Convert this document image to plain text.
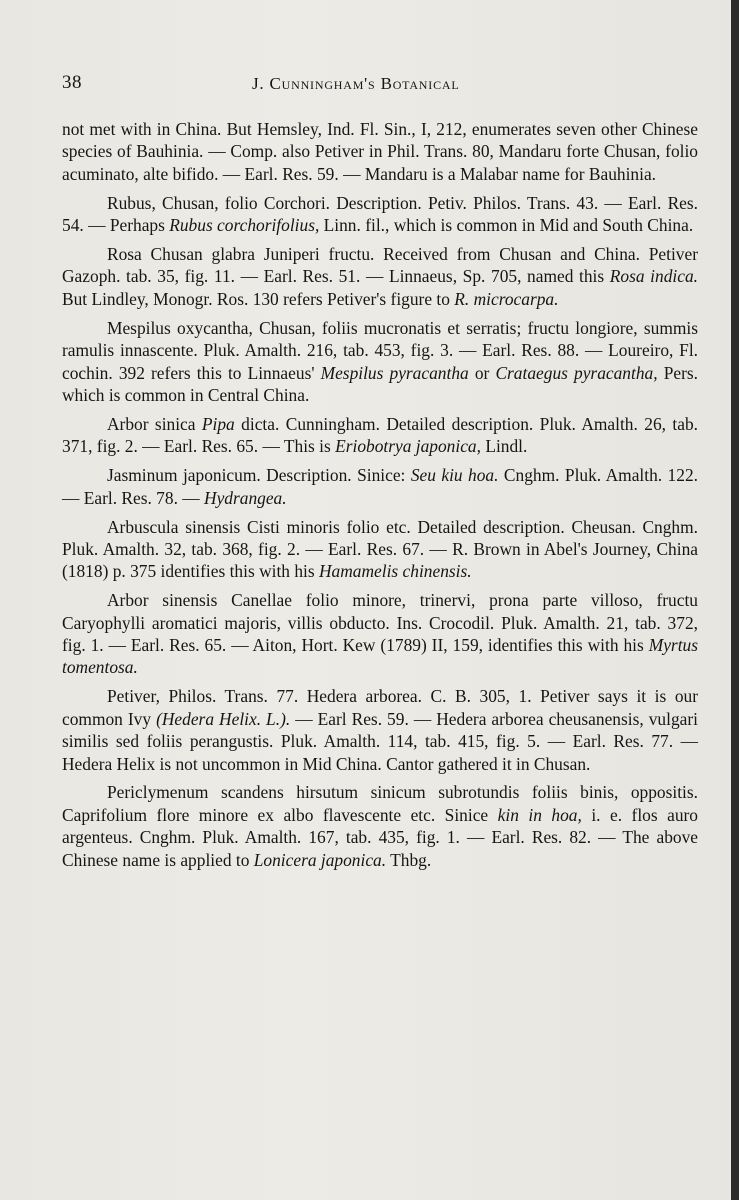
38	J. Cunningham's Botanical

not met with in China. But Hemsley, Ind. Fl. Sin., I, 212, enumerates seven other Chinese species of Bauhinia. — Comp. also Petiver in Phil. Trans. 80, Mandaru forte Chusan, folio acuminato, alte bifido. — Earl. Res. 59. — Mandaru is a Malabar name for Bauhinia.

Rubus, Chusan, folio Corchori. Description. Petiv. Philos. Trans. 43. — Earl. Res. 54. — Perhaps Rubus corchorifolius, Linn. fil., which is common in Mid and South China.

Rosa Chusan glabra Juniperi fructu. Received from Chusan and China. Petiver Gazoph. tab. 35, fig. 11. — Earl. Res. 51. — Linnaeus, Sp. 705, named this Rosa indica. But Lindley, Monogr. Ros. 130 refers Petiver's figure to R. microcarpa.

Mespilus oxycantha, Chusan, foliis mucronatis et serratis; fructu longiore, summis ramulis innascente. Pluk. Amalth. 216, tab. 453, fig. 3. — Earl. Res. 88. — Loureiro, Fl. cochin. 392 refers this to Linnaeus' Mespilus pyracantha or Crataegus pyracantha, Pers. which is common in Central China.

Arbor sinica Pipa dicta. Cunningham. Detailed description. Pluk. Amalth. 26, tab. 371, fig. 2. — Earl. Res. 65. — This is Eriobotrya japonica, Lindl.

Jasminum japonicum. Description. Sinice: Seu kiu hoa. Cnghm. Pluk. Amalth. 122. — Earl. Res. 78. — Hydrangea.

Arbuscula sinensis Cisti minoris folio etc. Detailed description. Cheusan. Cnghm. Pluk. Amalth. 32, tab. 368, fig. 2. — Earl. Res. 67. — R. Brown in Abel's Journey, China (1818) p. 375 identifies this with his Hamamelis chinensis.

Arbor sinensis Canellae folio minore, trinervi, prona parte villoso, fructu Caryophylli aromatici majoris, villis obducto. Ins. Crocodil. Pluk. Amalth. 21, tab. 372, fig. 1. — Earl. Res. 65. — Aiton, Hort. Kew (1789) II, 159, identifies this with his Myrtus tomentosa.

Petiver, Philos. Trans. 77. Hedera arborea. C. B. 305, 1. Petiver says it is our common Ivy (Hedera Helix. L.). — Earl Res. 59. — Hedera arborea cheusanensis, vulgari similis sed foliis perangustis. Pluk. Amalth. 114, tab. 415, fig. 5. — Earl. Res. 77. — Hedera Helix is not uncommon in Mid China. Cantor gathered it in Chusan.

Periclymenum scandens hirsutum sinicum subrotundis foliis binis, oppositis. Caprifolium flore minore ex albo flavescente etc. Sinice kin in hoa, i. e. flos auro argenteus. Cnghm. Pluk. Amalth. 167, tab. 435, fig. 1. — Earl. Res. 82. — The above Chinese name is applied to Lonicera japonica. Thbg.
